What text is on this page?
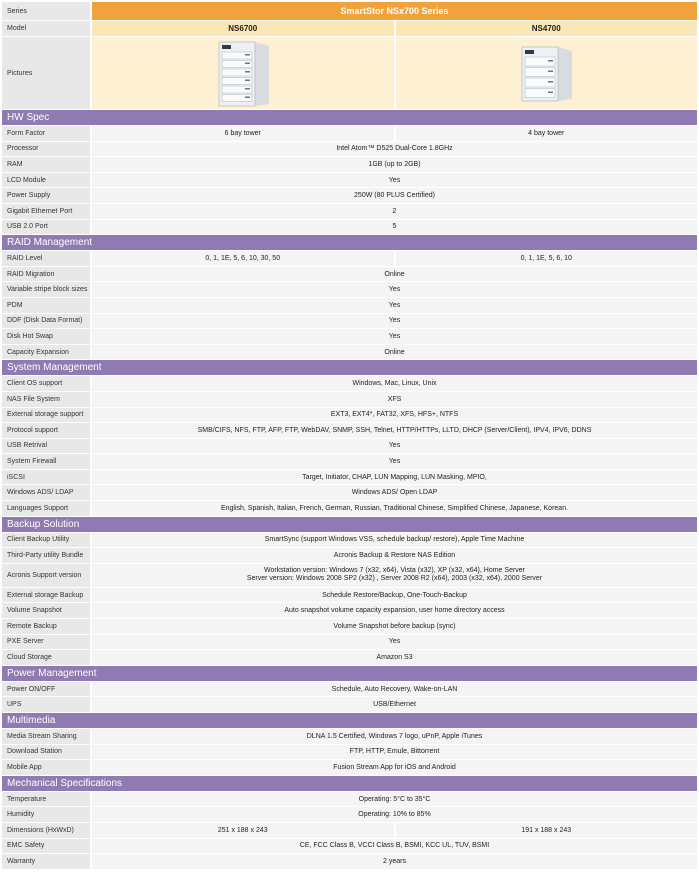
Series	SmartStor NSx700 Series
Model	NS6700	NS4700
Pictures
HW Spec
Form Factor	6 bay tower	4 bay tower
Processor	Intel Atom™ D525 Dual-Core 1.8GHz
RAM	1GB (up to 2GB)
LCD Module	Yes
Power Supply	250W (80 PLUS Certified)
Gigabit Ethernet Port	2
USB 2.0 Port	5
RAID Management
RAID Level	0, 1, 1E, 5, 6, 10, 30, 50	0, 1, 1E, 5, 6, 10
RAID Migration	Online
Variable stripe block sizes	Yes
PDM	Yes
DDF (Disk Data Format)	Yes
Disk Hot Swap	Yes
Capacity Expansion	Online
System Management
Client OS support	Windows, Mac, Linux, Unix
NAS File System	XFS
External storage support	EXT3, EXT4*, FAT32, XFS, HFS+, NTFS
Protocol support	SMB/CIFS, NFS, FTP, AFP, FTP, WebDAV, SNMP, SSH, Telnet, HTTP/HTTPs, LLTD, DHCP (Server/Client), IPV4, IPV6, DDNS
USB Retrival	Yes
System Firewall	Yes
iSCSI	Target, Initiator, CHAP, LUN Mapping, LUN Masking, MPIO,
Windows ADS/ LDAP	Windows ADS/ Open LDAP
Languages Support	English, Spanish, Italian, French, German, Russian, Traditional Chinese, Simplified Chinese, Japanese, Korean.
Backup Solution
Client Backup Utility	SmartSync (support Windows VSS, schedule backup/ restore), Apple Time Machine
Third-Party utility Bundle	Acronis Backup & Restore NAS Edition
Acronis Support version
Workstation version: Windows 7 (x32, x64), Vista (x32), XP (x32, x64), Home Server
Server version: Windows 2008 SP2 (x32) , Server 2008 R2 (x64), 2003 (x32, x64), 2000 Server
External storage Backup	Schedule Restore/Backup, One-Touch-Backup
Volume Snapshot	Auto snapshot volume capacity expansion, user home directory access
Remote Backup	Volume Snapshot before backup (sync)
PXE Server	Yes
Cloud Storage	Amazon S3
Power Management
Power ON/OFF	Schedule, Auto Recovery, Wake-on-LAN
UPS	USB/Ethernet
Multimedia
Media Stream Sharing	DLNA 1.5 Certified, Windows 7 logo, uPnP, Apple iTunes
Download Station	FTP, HTTP, Emule, Bittorrent
Mobile App	Fusion Stream App for iOS and Android
Mechanical Specifications
Temperature	Operating: 5°C to 35°C
Humidity	Operating: 10% to 85%
Dimensions (HxWxD)	251 x 188 x 243	191 x 188 x 243
EMC Safety	CE, FCC Class B, VCCI Class B, BSMI, KCC UL, TUV, BSMI
Warranty	2 years
